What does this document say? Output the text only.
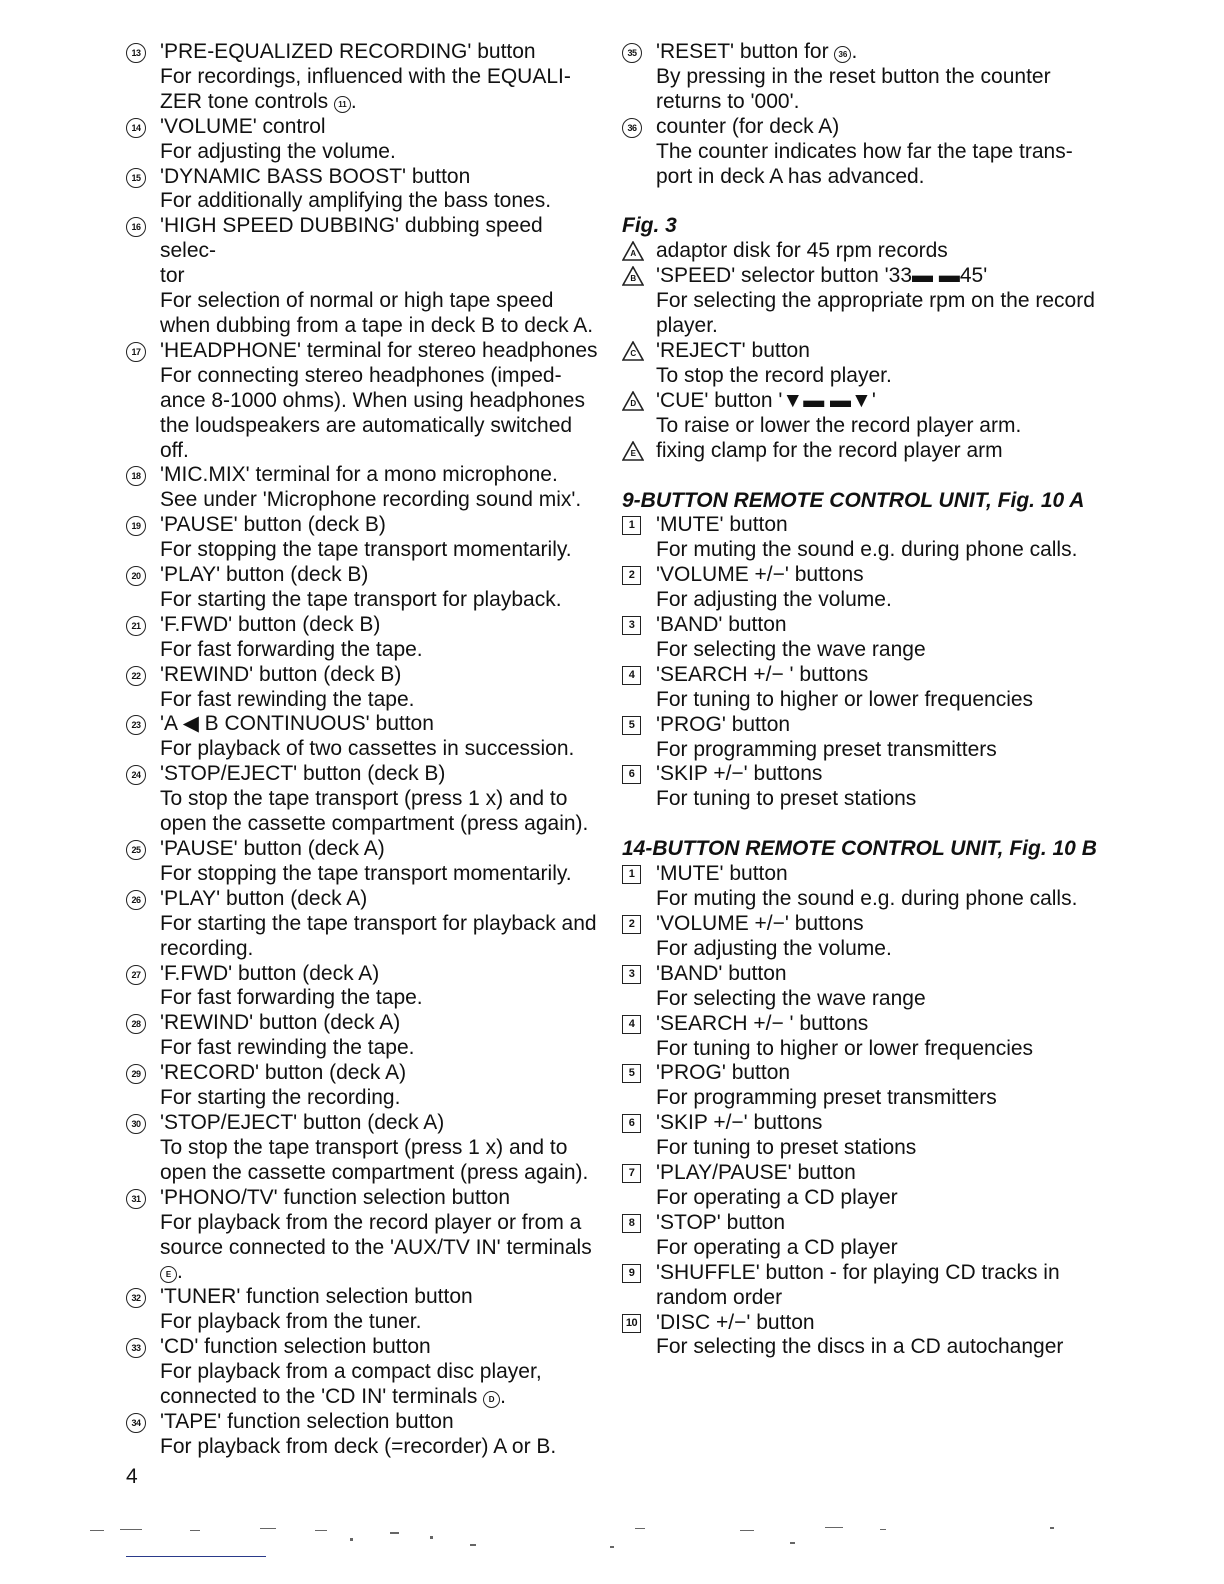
13 'PRE-EQUALIZED RECORDING' button
For recordings, influenced with the EQUALI-
ZER tone controls 11 .
14 'VOLUME' control
For adjusting the volume.
15 'DYNAMIC BASS BOOST' button
For additionally amplifying the bass tones.
16 'HIGH SPEED DUBBING' dubbing speed selec-
tor
For selection of normal or high tape speed
when dubbing from a tape in deck B to deck A.
17 'HEADPHONE' terminal for stereo headphones
For connecting stereo headphones (imped-
ance 8-1000 ohms). When using headphones
the loudspeakers are automatically switched
off.
18 'MIC.MIX' terminal for a mono microphone.
See under 'Microphone recording sound mix'.
19 'PAUSE' button (deck B)
For stopping the tape transport momentarily.
20 'PLAY' button (deck B)
For starting the tape transport for playback.
21 'F.FWD' button (deck B)
For fast forwarding the tape.
22 'REWIND' button (deck B)
For fast rewinding the tape.
23 'A ◀ B CONTINUOUS' button
For playback of two cassettes in succession.
24 'STOP/EJECT' button (deck B)
To stop the tape transport (press 1 x) and to
open the cassette compartment (press again).
25 'PAUSE' button (deck A)
For stopping the tape transport momentarily.
26 'PLAY' button (deck A)
For starting the tape transport for playback and
recording.
27 'F.FWD' button (deck A)
For fast forwarding the tape.
28 'REWIND' button (deck A)
For fast rewinding the tape.
29 'RECORD' button (deck A)
For starting the recording.
30 'STOP/EJECT' button (deck A)
To stop the tape transport (press 1 x) and to
open the cassette compartment (press again).
31 'PHONO/TV' function selection button
For playback from the record player or from a
source connected to the 'AUX/TV IN' terminals
E .
32 'TUNER' function selection button
For playback from the tuner.
33 'CD' function selection button
For playback from a compact disc player,
connected to the 'CD IN' terminals D .
34 'TAPE' function selection button
For playback from deck (=recorder) A or B.
35 'RESET' button for 36 .
By pressing in the reset button the counter
returns to '000'.
36 counter (for deck A)
The counter indicates how far the tape trans-
port in deck A has advanced.
Fig. 3
A adaptor disk for 45 rpm records
B 'SPEED' selector button '33▬ ▬45'
For selecting the appropriate rpm on the record
player.
C 'REJECT' button
To stop the record player.
D 'CUE' button '▼▬ ▬▼'
To raise or lower the record player arm.
E fixing clamp for the record player arm
9-BUTTON REMOTE CONTROL UNIT, Fig. 10 A
1	'MUTE' button
For muting the sound e.g. during phone calls.
2	'VOLUME +/−' buttons
For adjusting the volume.
3	'BAND' button
For selecting the wave range
4	'SEARCH +/− ' buttons
For tuning to higher or lower frequencies
5	'PROG' button
For programming preset transmitters
6	'SKIP +/−' buttons
For tuning to preset stations
14-BUTTON REMOTE CONTROL UNIT, Fig. 10 B
1	'MUTE' button
For muting the sound e.g. during phone calls.
2	'VOLUME +/−' buttons
For adjusting the volume.
3	'BAND' button
For selecting the wave range
4	'SEARCH +/− ' buttons
For tuning to higher or lower frequencies
5	'PROG' button
For programming preset transmitters
6	'SKIP +/−' buttons
For tuning to preset stations
7	'PLAY/PAUSE' button
For operating a CD player
8	'STOP' button
For operating a CD player
9	'SHUFFLE' button - for playing CD tracks in
random order
10 'DISC +/−' button
For selecting the discs in a CD autochanger
4
